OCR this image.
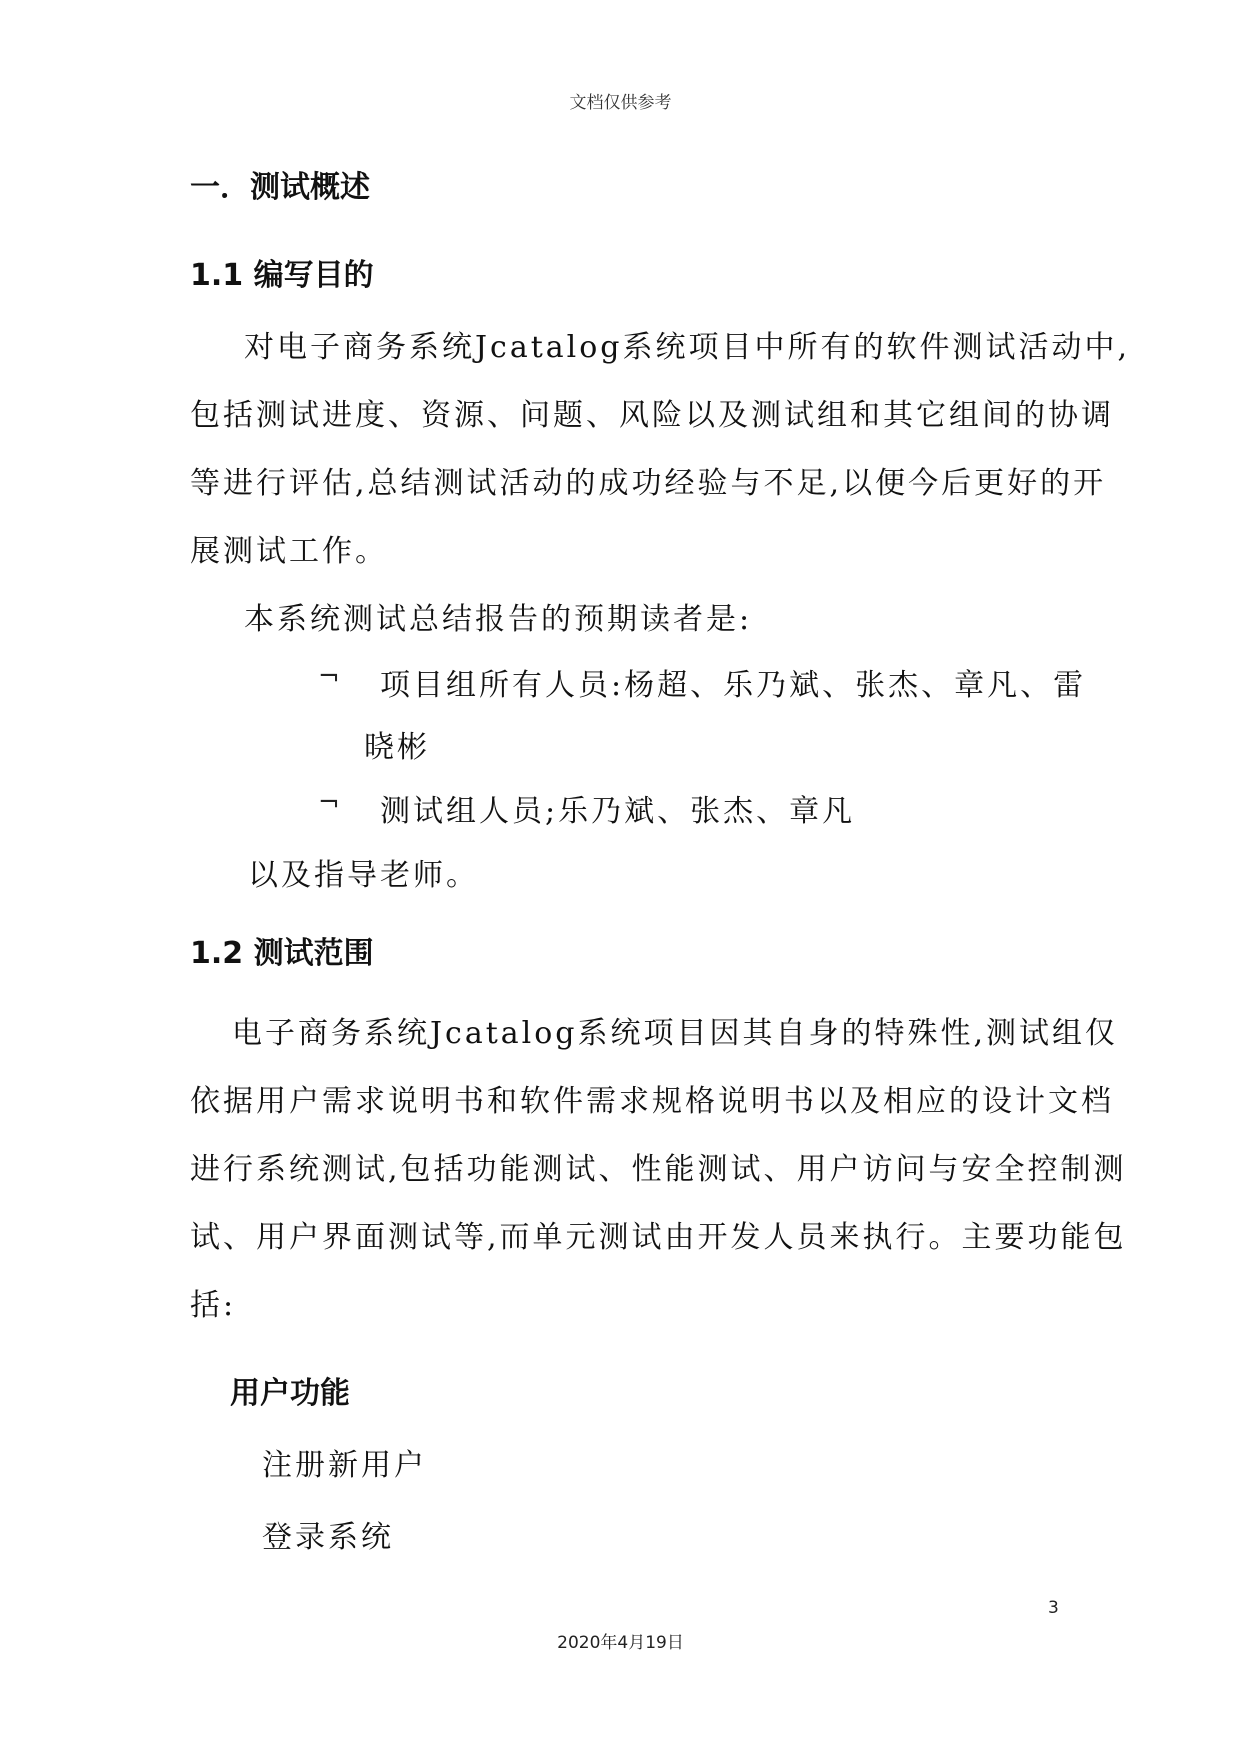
文档仅供参考
一．测试概述
1.1 编写目的
对电子商务系统Jcatalog系统项目中所有的软件测试活动中,
包括测试进度、资源、问题、风险以及测试组和其它组间的协调
等进行评估,总结测试活动的成功经验与不足,以便今后更好的开
展测试工作。
本系统测试总结报告的预期读者是:
¬ 项目组所有人员:杨超、乐乃斌、张杰、章凡、雷
晓彬
¬ 测试组人员;乐乃斌、张杰、章凡
以及指导老师。
1.2 测试范围
电子商务系统Jcatalog系统项目因其自身的特殊性,测试组仅
依据用户需求说明书和软件需求规格说明书以及相应的设计文档
进行系统测试,包括功能测试、性能测试、用户访问与安全控制测
试、用户界面测试等,而单元测试由开发人员来执行。主要功能包
括:
用户功能
注册新用户
登录系统
3
2020年4月19日
